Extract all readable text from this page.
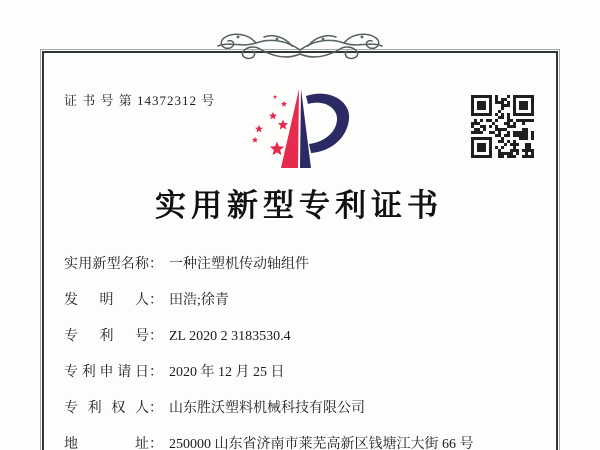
证 书 号 第 14372312 号
实用新型专利证书
实用新型名称 ： 一种注塑机传动轴组件
发明人 ： 田浩;徐青
专利号 ： ZL 2020 2 3183530.4
专利申请日 ： 2020 年 12 月 25 日
专利权人 ： 山东胜沃塑料机械科技有限公司
地址 ： 250000 山东省济南市莱芜高新区钱塘江大街 66 号
